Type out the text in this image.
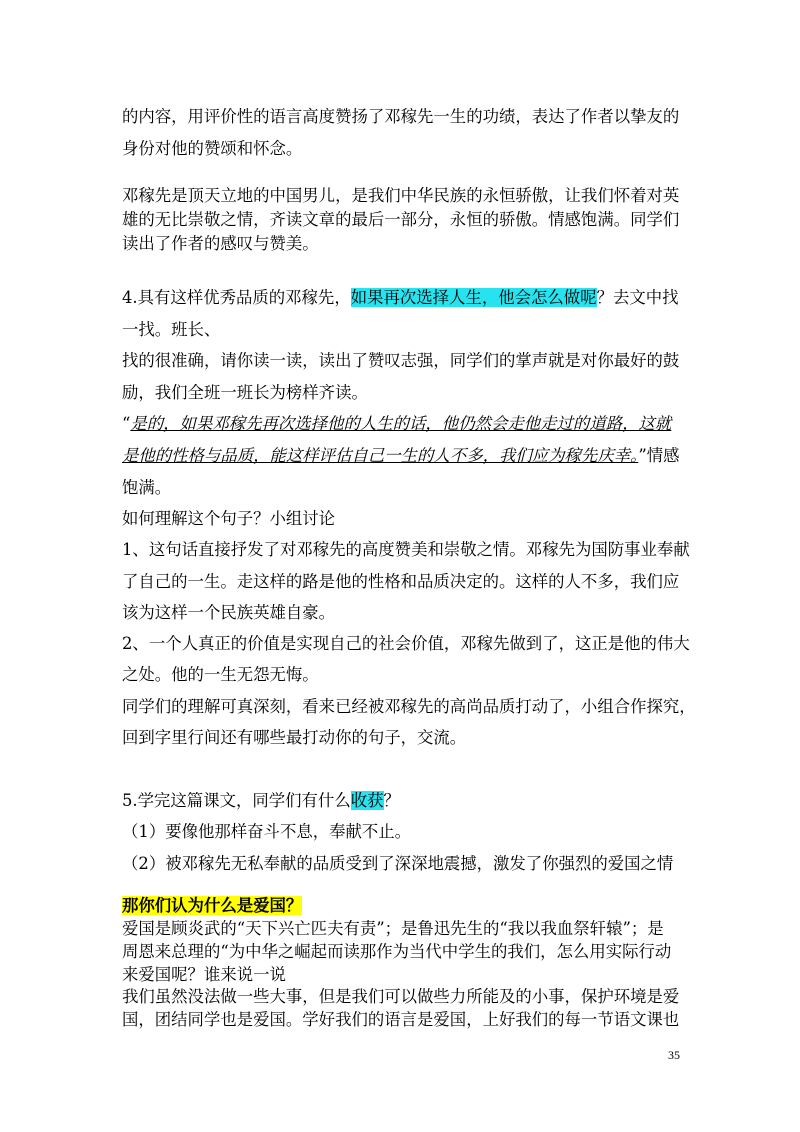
的内容，用评价性的语言高度赞扬了邓稼先一生的功绩，表达了作者以挚友的
身份对他的赞颂和怀念。
邓稼先是顶天立地的中国男儿，是我们中华民族的永恒骄傲，让我们怀着对英
雄的无比崇敬之情，齐读文章的最后一部分，永恒的骄傲。情感饱满。同学们
读出了作者的感叹与赞美。
4.具有这样优秀品质的邓稼先，如果再次选择人生，他会怎么做呢？去文中找
一找。班长、
找的很准确，请你读一读，读出了赞叹志强，同学们的掌声就是对你最好的鼓
励，我们全班一班长为榜样齐读。
“是的，如果邓稼先再次选择他的人生的话，他仍然会走他走过的道路，这就
是他的性格与品质，能这样评估自己一生的人不多，我们应为稼先庆幸。”情感
饱满。
如何理解这个句子？小组讨论
1、这句话直接抒发了对邓稼先的高度赞美和崇敬之情。邓稼先为国防事业奉献
了自己的一生。走这样的路是他的性格和品质决定的。这样的人不多，我们应
该为这样一个民族英雄自豪。
2、一个人真正的价值是实现自己的社会价值，邓稼先做到了，这正是他的伟大
之处。他的一生无怨无悔。
同学们的理解可真深刻，看来已经被邓稼先的高尚品质打动了，小组合作探究，
回到字里行间还有哪些最打动你的句子，交流。
5.学完这篇课文，同学们有什么收获？
（1）要像他那样奋斗不息，奉献不止。
（2）被邓稼先无私奉献的品质受到了深深地震撼，激发了你强烈的爱国之情
那你们认为什么是爱国？
爱国是顾炎武的“天下兴亡匹夫有责”；是鲁迅先生的“我以我血祭轩辕”；是
周恩来总理的“为中华之崛起而读那作为当代中学生的我们，怎么用实际行动
来爱国呢？谁来说一说
我们虽然没法做一些大事，但是我们可以做些力所能及的小事，保护环境是爱
国，团结同学也是爱国。学好我们的语言是爱国，上好我们的每一节语文课也
35
